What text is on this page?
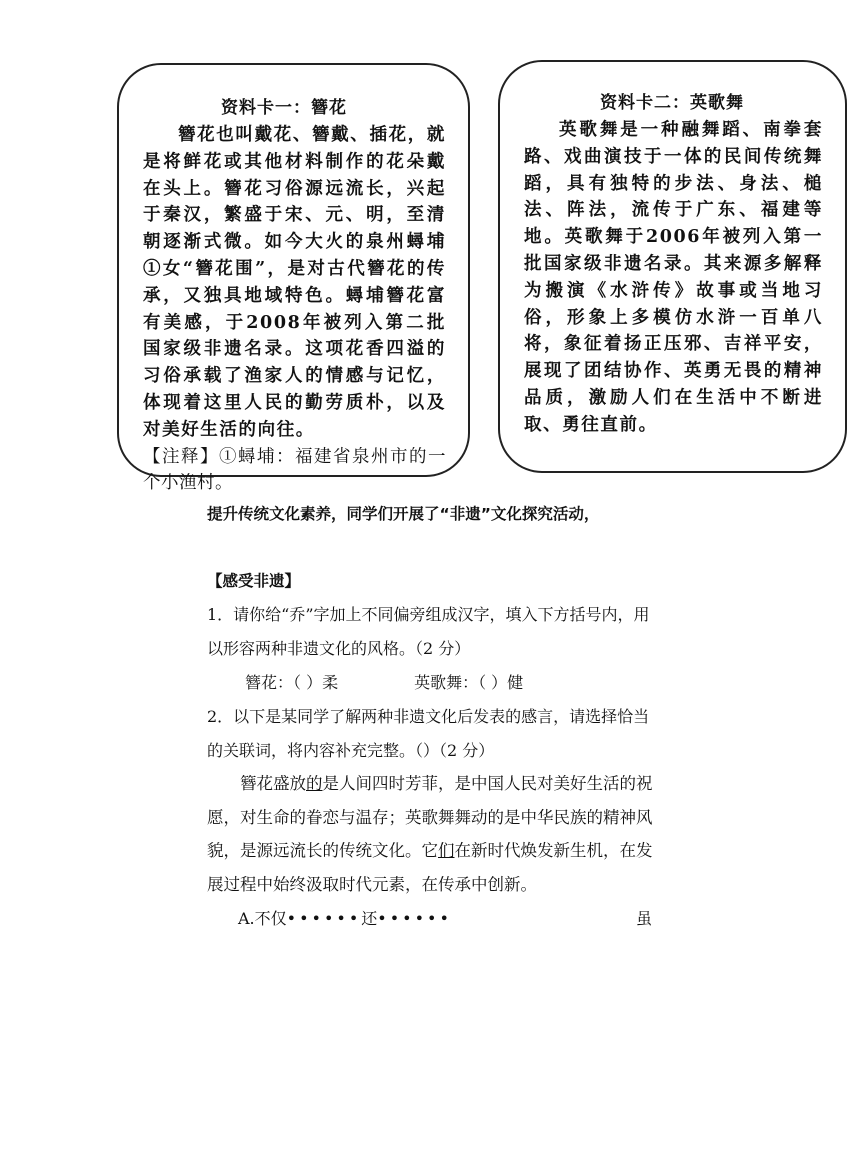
资料卡一：簪花

簪花也叫戴花、簪戴、插花，就是将鲜花或其他材料制作的花朵戴在头上。簪花习俗源远流长，兴起于秦汉，繁盛于宋、元、明，至清朝逐渐式微。如今大火的泉州蟳埔①女“簪花围”，是对古代簪花的传承，又独具地域特色。蟳埔簪花富有美感，于2008年被列入第二批国家级非遗名录。这项花香四溢的习俗承载了渔家人的情感与记忆，体现着这里人民的勤劳质朴，以及对美好生活的向往。

【注释】①蟳埔：福建省泉州市的一个小渔村。

资料卡二：英歌舞

英歌舞是一种融舞蹈、南拳套路、戏曲演技于一体的民间传统舞蹈，具有独特的步法、身法、槌法、阵法，流传于广东、福建等地。英歌舞于2006年被列入第一批国家级非遗名录。其来源多解释为搬演《水浒传》故事或当地习俗，形象上多模仿水浒一百单八将，象征着扬正压邪、吉祥平安，展现了团结协作、英勇无畏的精神品质，激励人们在生活中不断进取、勇往直前。

提升传统文化素养，同学们开展了“非遗”文化探究活动，
【感受非遗】
1．请你给“乔”字加上不同偏旁组成汉字，填入下方括号内，用以形容两种非遗文化的风格。（2 分）
簪花：（ ）柔	英歌舞：（ ）健
2．以下是某同学了解两种非遗文化后发表的感言，请选择恰当的关联词，将内容补充完整。（）（2 分）
簪花盛放的是人间四时芳菲，是中国人民对美好生活的祝愿，对生命的眷恋与温存；英歌舞舞动的是中华民族的精神风貌，是源远流长的传统文化。它们在新时代焕发新生机，在发展过程中始终汲取时代元素，在传承中创新。
A.不仅••••••还••••••	虽
